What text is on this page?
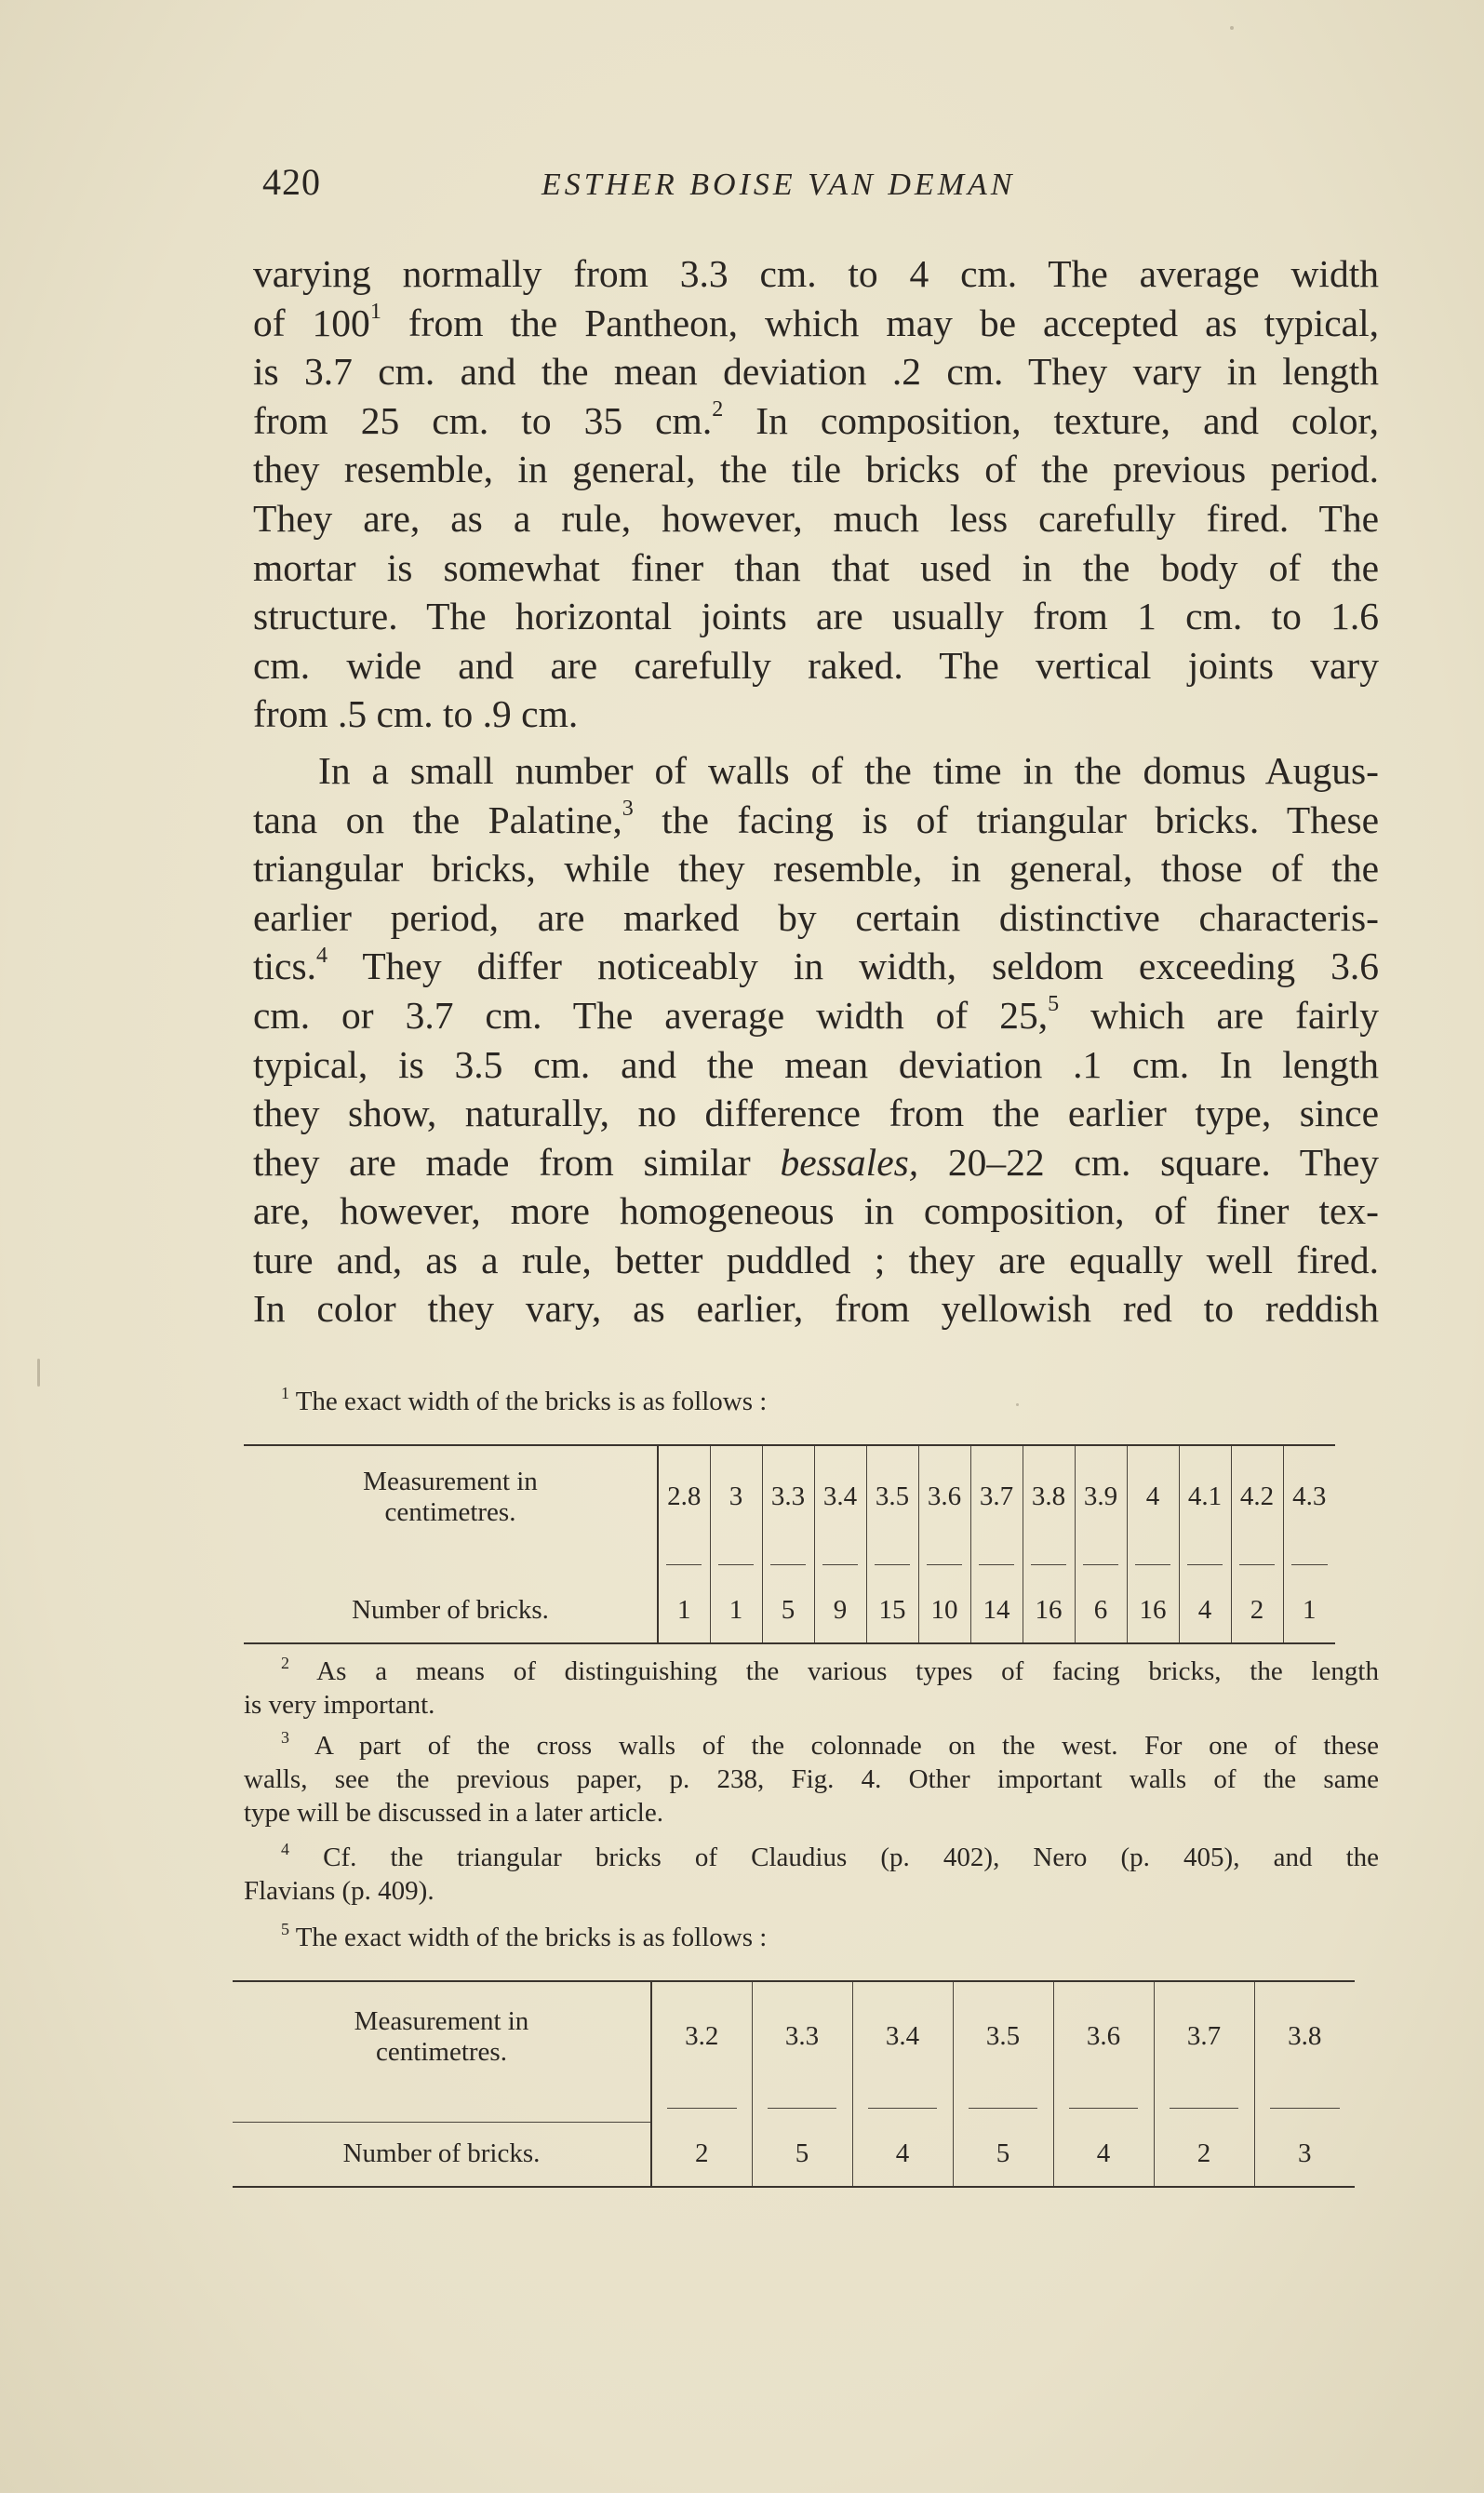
420	ESTHER BOISE VAN DEMAN

varying normally from 3.3 cm. to 4 cm. The average width
of 100$^1$ from the Pantheon, which may be accepted as typical,
is 3.7 cm. and the mean deviation .2 cm. They vary in length
from 25 cm. to 35 cm.$^2$ In composition, texture, and color,
they resemble, in general, the tile bricks of the previous period.
They are, as a rule, however, much less carefully fired. The
mortar is somewhat finer than that used in the body of the
structure. The horizontal joints are usually from 1 cm. to 1.6
cm. wide and are carefully raked. The vertical joints vary
from .5 cm. to .9 cm.

In a small number of walls of the time in the domus Augus-
tana on the Palatine,$^3$ the facing is of triangular bricks. These
triangular bricks, while they resemble, in general, those of the
earlier period, are marked by certain distinctive characteris-
tics.$^4$ They differ noticeably in width, seldom exceeding 3.6
cm. or 3.7 cm. The average width of 25,$^5$ which are fairly
typical, is 3.5 cm. and the mean deviation .1 cm. In length
they show, naturally, no difference from the earlier type, since
they are made from similar bessales, 20–22 cm. square. They
are, however, more homogeneous in composition, of finer tex-
ture and, as a rule, better puddled ; they are equally well fired.
In color they vary, as earlier, from yellowish red to reddish

$^1$ The exact width of the bricks is as follows :
Measurement in
centimetres.	2.8	3	3.3	3.4	3.5	3.6	3.7	3.8	3.9	4	4.1	4.2	4.3

Number of bricks.	1	1	5	9	15	10	14	16	6	16	4	2	1
$^2$ As a means of distinguishing the various types of facing bricks, the length
is very important.
$^3$ A part of the cross walls of the colonnade on the west. For one of these
walls, see the previous paper, p. 238, Fig. 4. Other important walls of the same
type will be discussed in a later article.
$^4$ Cf. the triangular bricks of Claudius (p. 402), Nero (p. 405), and the
Flavians (p. 409).
$^5$ The exact width of the bricks is as follows :
Measurement in
centimetres.	3.2	3.3	3.4	3.5	3.6	3.7	3.8

Number of bricks.	2	5	4	5	4	2	3
